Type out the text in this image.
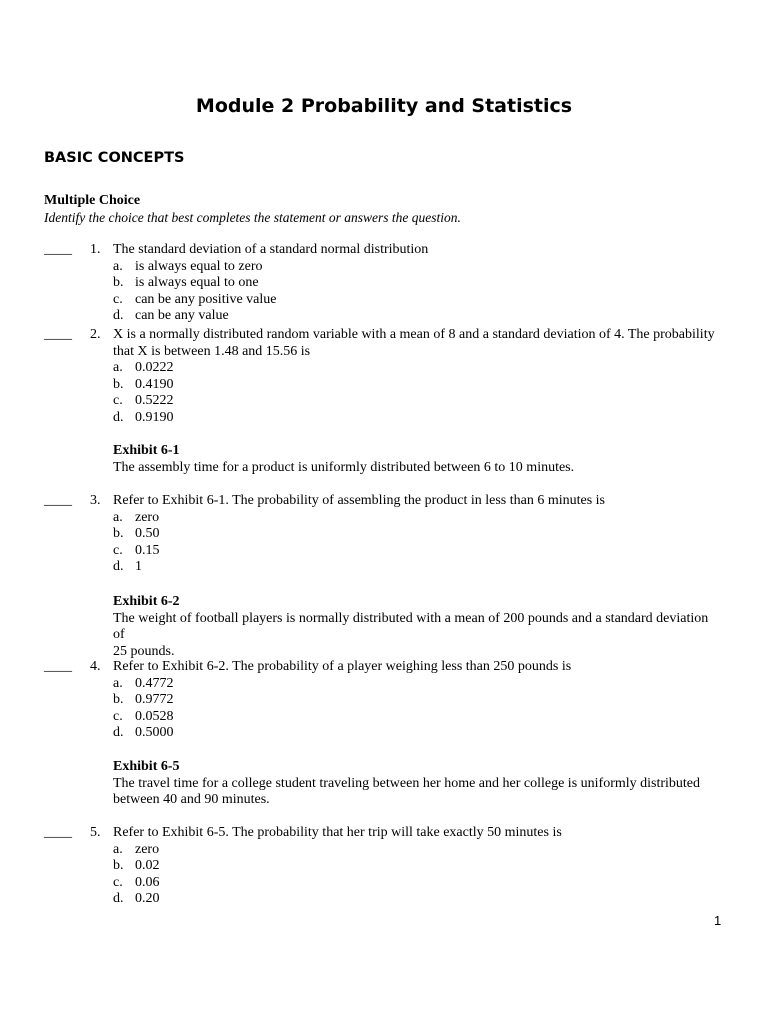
Module 2 Probability and Statistics
BASIC CONCEPTS
Multiple Choice
Identify the choice that best completes the statement or answers the question.
____ 1. The standard deviation of a standard normal distribution
a. is always equal to zero
b. is always equal to one
c. can be any positive value
d. can be any value
____ 2. X is a normally distributed random variable with a mean of 8 and a standard deviation of 4. The probability
that X is between 1.48 and 15.56 is
a. 0.0222
b. 0.4190
c. 0.5222
d. 0.9190
Exhibit 6-1
The assembly time for a product is uniformly distributed between 6 to 10 minutes.
____ 3. Refer to Exhibit 6-1. The probability of assembling the product in less than 6 minutes is
a. zero
b. 0.50
c. 0.15
d. 1
Exhibit 6-2
The weight of football players is normally distributed with a mean of 200 pounds and a standard deviation of
25 pounds.
____ 4. Refer to Exhibit 6-2. The probability of a player weighing less than 250 pounds is
a. 0.4772
b. 0.9772
c. 0.0528
d. 0.5000
Exhibit 6-5
The travel time for a college student traveling between her home and her college is uniformly distributed
between 40 and 90 minutes.
____ 5. Refer to Exhibit 6-5. The probability that her trip will take exactly 50 minutes is
a. zero
b. 0.02
c. 0.06
d. 0.20
1
